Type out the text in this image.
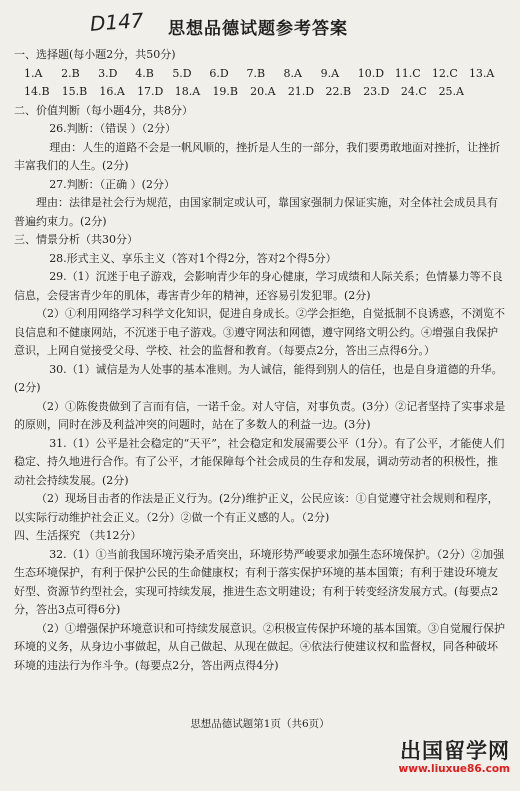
D147 思想品德试题参考答案

一、选择题(每小题2分，共50分)

1.A	2.B	3.D	4.B	5.D	6.D	7.B	8.A	9.A	10.D 11.C	12.C	13.A
14.B	15.B	16.A	17.D	18.A	19.B	20.A	21.D	22.B	23.D	24.C	25.A

二、价值判断（每小题4分，共8分）

26.判断：（错误 ）（2分）

理由：人生的道路不会是一帆风顺的，挫折是人生的一部分，我们要勇敢地面对挫折，让挫折丰富我们的人生。(2分)

27.判断：（正确 ）(2分）

理由：法律是社会行为规范，由国家制定或认可，靠国家强制力保证实施，对全体社会成员具有普遍约束力。(2分)

三、情景分析（共30分）

28.形式主义、享乐主义（答对1个得2分，答对2个得5分）

29.（1）沉迷于电子游戏，会影响青少年的身心健康，学习成绩和人际关系；色情暴力等不良信息，会侵害青少年的肌体，毒害青少年的精神，还容易引发犯罪。(2分)

（2）①利用网络学习科学文化知识，促进自身成长。②学会拒绝，自觉抵制不良诱惑，不浏览不良信息和不健康网站，不沉迷于电子游戏。③遵守网法和网德，遵守网络文明公约。④增强自我保护意识，上网自觉接受父母、学校、社会的监督和教育。（每要点2分，答出三点得6分。）

30.（1）诚信是为人处事的基本准则。为人诚信，能得到别人的信任，也是自身道德的升华。(2分)

（2）①陈俊贵做到了言而有信，一诺千金。对人守信，对事负责。(3分）②记者坚持了实事求是的原则，同时在涉及利益冲突的问题时，站在了多数人的利益一边。(3分)

31.（1）公平是社会稳定的“天平”，社会稳定和发展需要公平（1分）。有了公平，才能使人们稳定、持久地进行合作。有了公平，才能保障每个社会成员的生存和发展，调动劳动者的积极性，推动社会持续发展。(2分)

（2）现场目击者的作法是正义行为。(2分)维护正义，公民应该：①自觉遵守社会规则和程序，以实际行动维护社会正义。（2分）②做一个有正义感的人。（2分)

四、生活探究 （共12分）

32.（1）①当前我国环境污染矛盾突出，环境形势严峻要求加强生态环境保护。（2分）②加强生态环境保护，有利于保护公民的生命健康权；有利于落实保护环境的基本国策；有利于建设环境友好型、资源节约型社会，实现可持续发展，推进生态文明建设；有利于转变经济发展方式。(每要点2分，答出3点可得6分)

（2）①增强保护环境意识和可持续发展意识。②积极宣传保护环境的基本国策。③自觉履行保护环境的义务，从身边小事做起，从自己做起、从现在做起。④依法行使建议权和监督权，同各种破坏环境的违法行为作斗争。(每要点2分，答出两点得4分)

思想品德试题第1页（共6页）
出国留学网
www.liuxue86.com
